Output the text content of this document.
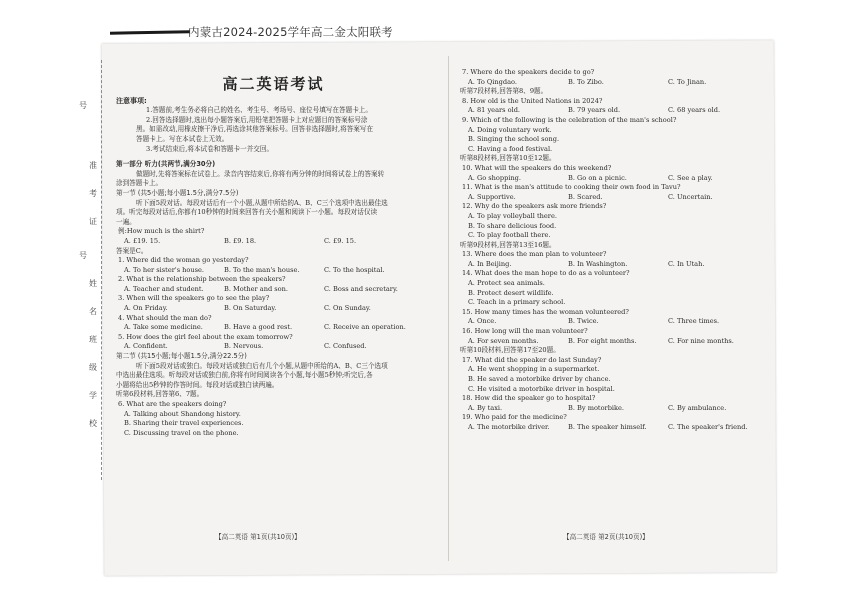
内蒙古2024-2025学年高二金太阳联考
号
准
考
证
号
姓
名
班
级
学
校
高二英语考试
注意事项:
1.答题前,考生务必将自己的姓名、考生号、考场号、座位号填写在答题卡上。
2.回答选择题时,选出每小题答案后,用铅笔把答题卡上对应题目的答案标号涂
黑。如需改动,用橡皮擦干净后,再选涂其他答案标号。回答非选择题时,将答案写在
答题卡上。写在本试卷上无效。
3.考试结束后,将本试卷和答题卡一并交回。
第一部分 听力(共两节,满分30分)
做题时,先将答案标在试卷上。录音内容结束后,你将有两分钟的时间将试卷上的答案转
涂到答题卡上。
第一节 (共5小题;每小题1.5分,满分7.5分)
听下面5段对话。每段对话后有一个小题,从题中所给的A、B、C三个选项中选出最佳选
项。听完每段对话后,你都有10秒钟的时间来回答有关小题和阅读下一小题。每段对话仅读
一遍。
例:How much is the shirt?
A. £19. 15.	B. £9. 18.	C. £9. 15.
答案是C。
1. Where did the woman go yesterday?
A. To her sister's house.	B. To the man's house.	C. To the hospital.
2. What is the relationship between the speakers?
A. Teacher and student.	B. Mother and son.	C. Boss and secretary.
3. When will the speakers go to see the play?
A. On Friday.	B. On Saturday.	C. On Sunday.
4. What should the man do?
A. Take some medicine.	B. Have a good rest.	C. Receive an operation.
5. How does the girl feel about the exam tomorrow?
A. Confident.	B. Nervous.	C. Confused.
第二节 (共15小题;每小题1.5分,满分22.5分)
听下面5段对话或独白。每段对话或独白后有几个小题,从题中所给的A、B、C三个选项
中选出最佳选项。听每段对话或独白前,你将有时间阅读各个小题,每小题5秒钟;听完后,各
小题将给出5秒钟的作答时间。每段对话或独白读两遍。
听第6段材料,回答第6、7题。
6. What are the speakers doing?
A. Talking about Shandong history.
B. Sharing their travel experiences.
C. Discussing travel on the phone.
【高二英语 第1页(共10页)】
7. Where do the speakers decide to go?
A. To Qingdao.	B. To Zibo.	C. To Jinan.
听第7段材料,回答第8、9题。
8. How old is the United Nations in 2024?
A. 81 years old.	B. 79 years old.	C. 68 years old.
9. Which of the following is the celebration of the man's school?
A. Doing voluntary work.
B. Singing the school song.
C. Having a food festival.
听第8段材料,回答第10至12题。
10. What will the speakers do this weekend?
A. Go shopping.	B. Go on a picnic.	C. See a play.
11. What is the man's attitude to cooking their own food in Tavu?
A. Supportive.	B. Scared.	C. Uncertain.
12. Why do the speakers ask more friends?
A. To play volleyball there.
B. To share delicious food.
C. To play football there.
听第9段材料,回答第13至16题。
13. Where does the man plan to volunteer?
A. In Beijing.	B. In Washington.	C. In Utah.
14. What does the man hope to do as a volunteer?
A. Protect sea animals.
B. Protect desert wildlife.
C. Teach in a primary school.
15. How many times has the woman volunteered?
A. Once.	B. Twice.	C. Three times.
16. How long will the man volunteer?
A. For seven months.	B. For eight months.	C. For nine months.
听第10段材料,回答第17至20题。
17. What did the speaker do last Sunday?
A. He went shopping in a supermarket.
B. He saved a motorbike driver by chance.
C. He visited a motorbike driver in hospital.
18. How did the speaker go to hospital?
A. By taxi.	B. By motorbike.	C. By ambulance.
19. Who paid for the medicine?
A. The motorbike driver.	B. The speaker himself.	C. The speaker's friend.
【高二英语 第2页(共10页)】
